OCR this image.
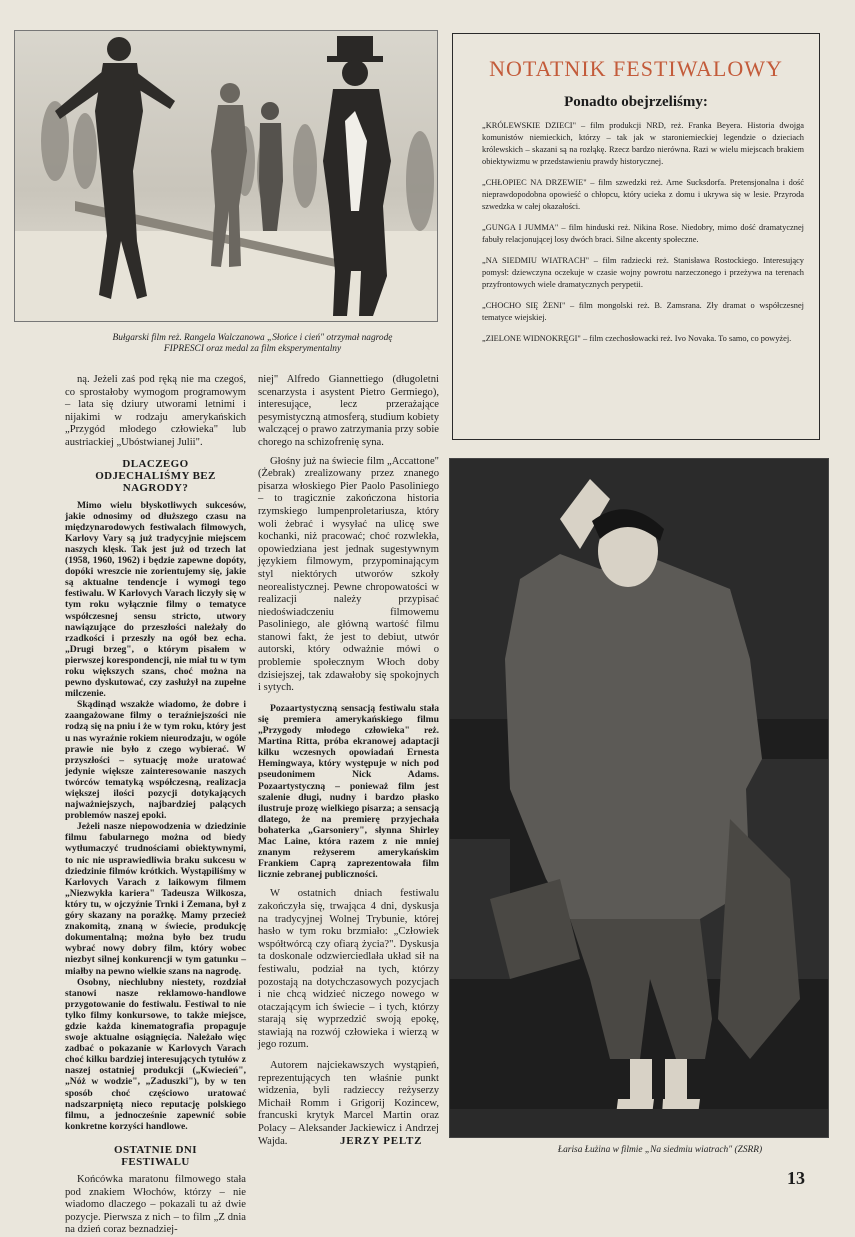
Bułgarski film reż. Rangela Walczanowa „Słońce i cień" otrzymał nagrodę FIPRESCI oraz medal za film eksperymentalny
NOTATNIK FESTIWALOWY
Ponadto obejrzeliśmy:

„KRÓLEWSKIE DZIECI" – film produkcji NRD, reż. Franka Beyera. Historia dwojga komunistów niemieckich, którzy – tak jak w staroniemieckiej legendzie o dzieciach królewskich – skazani są na rozłąkę. Rzecz bardzo nierówna. Razi w wielu miejscach brakiem obiektywizmu w przedstawieniu prawdy historycznej.

„CHŁOPIEC NA DRZEWIE" – film szwedzki reż. Arne Sucksdorfa. Pretensjonalna i dość nieprawdopodobna opowieść o chłopcu, który ucieka z domu i ukrywa się w lesie. Przyroda szwedzka w całej okazałości.

„GUNGA I JUMMA" – film hinduski reż. Nikina Rose. Niedobry, mimo dość dramatycznej fabuły relacjonującej losy dwóch braci. Silne akcenty społeczne.

„NA SIEDMIU WIATRACH" – film radziecki reż. Stanisława Rostockiego. Interesujący pomysł: dziewczyna oczekuje w czasie wojny powrotu narzeczonego i przeżywa na terenach przyfrontowych wiele dramatycznych perypetii.

„CHOCHO SIĘ ŻENI" – film mongolski reż. B. Zamsrana. Zły dramat o współczesnej tematyce wiejskiej.

„ZIELONE WIDNOKRĘGI" – film czechosłowacki reż. Ivo Novaka. To samo, co powyżej.

ną. Jeżeli zaś pod ręką nie ma czegoś, co sprostałoby wymogom programowym – lata się dziury utworami letnimi i nijakimi w rodzaju amerykańskich „Przygód młodego człowieka" lub austriackiej „Ubóstwianej Julii".

DLACZEGO ODJECHALIŚMY BEZ NAGRODY?

Mimo wielu błyskotliwych sukcesów, jakie odnosimy od dłuższego czasu na międzynarodowych festiwalach filmowych, Karlovy Vary są już tradycyjnie miejscem naszych klęsk. Tak jest już od trzech lat (1958, 1960, 1962) i będzie zapewne dopóty, dopóki wreszcie nie zorientujemy się, jakie są aktualne tendencje i wymogi tego festiwalu. W Karlovych Varach liczyły się w tym roku wyłącznie filmy o tematyce współczesnej sensu stricto, utwory nawiązujące do przeszłości należały do rzadkości i przeszły na ogół bez echa. „Drugi brzeg", o którym pisałem w pierwszej korespondencji, nie miał tu w tym roku większych szans, choć można na pewno dyskutować, czy zasłużył na zupełne milczenie.

Skądinąd wszakże wiadomo, że dobre i zaangażowane filmy o teraźniejszości nie rodzą się na pniu i że w tym roku, który jest u nas wyraźnie rokiem nieurodzaju, w ogóle prawie nie było z czego wybierać. W przyszłości – sytuację może uratować jedynie większe zainteresowanie naszych twórców tematyką współczesną, realizacja większej ilości pozycji dotykających najważniejszych, najbardziej palących problemów naszej epoki.

Jeżeli nasze niepowodzenia w dziedzinie filmu fabularnego można od biedy wytłumaczyć trudnościami obiektywnymi, to nic nie usprawiedliwia braku sukcesu w dziedzinie filmów krótkich. Wystąpiliśmy w Karlovych Varach z laikowym filmem „Niezwykła kariera" Tadeusza Wilkosza, który tu, w ojczyźnie Trnki i Zemana, był z góry skazany na porażkę. Mamy przecież znakomitą, znaną w świecie, produkcję dokumentalną; można było bez trudu wybrać nowy dobry film, który wobec niezbyt silnej konkurencji w tym gatunku – miałby na pewno wielkie szans na nagrodę.

Osobny, niechlubny niestety, rozdział stanowi nasze reklamowo-handlowe przygotowanie do festiwalu. Festiwal to nie tylko filmy konkursowe, to także miejsce, gdzie każda kinematografia propaguje swoje aktualne osiągnięcia. Należało więc zadbać o pokazanie w Karlovych Varach choć kilku bardziej interesujących tytułów z naszej ostatniej produkcji („Kwiecień", „Nóż w wodzie", „Zaduszki"), by w ten sposób choć częściowo uratować nadszarpniętą nieco reputację polskiego filmu, a jednocześnie zapewnić sobie konkretne korzyści handlowe.

OSTATNIE DNI FESTIWALU

Końcówka maratonu filmowego stała pod znakiem Włochów, którzy – nie wiadomo dlaczego – pokazali tu aż dwie pozycje. Pierwsza z nich – to film „Z dnia na dzień coraz beznadziej-

niej" Alfredo Giannettiego (długoletni scenarzysta i asystent Pietro Germiego), interesujące, lecz przerażające pesymistyczną atmosferą, studium kobiety walczącej o prawo zatrzymania przy sobie chorego na schizofrenię syna.

Głośny już na świecie film „Accattone" (Żebrak) zrealizowany przez znanego pisarza włoskiego Pier Paolo Pasoliniego – to tragicznie zakończona historia rzymskiego lumpenproletariusza, który woli żebrać i wysyłać na ulicę swe kochanki, niż pracować; choć rozwlekła, opowiedziana jest jednak sugestywnym językiem filmowym, przypominającym styl niektórych utworów szkoły neorealistycznej. Pewne chropowatości w realizacji należy przypisać niedoświadczeniu filmowemu Pasoliniego, ale główną wartość filmu stanowi fakt, że jest to debiut, utwór autorski, który odważnie mówi o problemie społecznym Włoch doby dzisiejszej, tak zdawałoby się spokojnych i sytych.

Pozaartystyczną sensacją festiwalu stała się premiera amerykańskiego filmu „Przygody młodego człowieka" reż. Martina Ritta, próba ekranowej adaptacji kilku wczesnych opowiadań Ernesta Hemingwaya, który występuje w nich pod pseudonimem Nick Adams. Pozaartystyczną – ponieważ film jest szalenie długi, nudny i bardzo płasko ilustruje prozę wielkiego pisarza; a sensacją dlatego, że na premierę przyjechała bohaterka „Garsoniery", słynna Shirley Mac Laine, która razem z nie mniej znanym reżyserem amerykańskim Frankiem Caprą zaprezentowała film licznie zebranej publiczności.

W ostatnich dniach festiwalu zakończyła się, trwająca 4 dni, dyskusja na tradycyjnej Wolnej Trybunie, której hasło w tym roku brzmiało: „Człowiek współtwórcą czy ofiarą życia?". Dyskusja ta doskonale odzwierciedlała układ sił na festiwalu, podział na tych, którzy pozostają na dotychczasowych pozycjach i nie chcą widzieć niczego nowego w otaczającym ich świecie – i tych, którzy starają się wyprzedzić swoją epokę, stawiają na rozwój człowieka i wierzą w jego rozum.

Autorem najciekawszych wystąpień, reprezentujących ten właśnie punkt widzenia, byli radzieccy reżyserzy Michaił Romm i Grigorij Kozincew, francuski krytyk Marcel Martin oraz Polacy – Aleksander Jackiewicz i Andrzej Wajda.	JERZY PELTZ
Łarisa Łużina w filmie „Na siedmiu wiatrach" (ZSRR)
13
